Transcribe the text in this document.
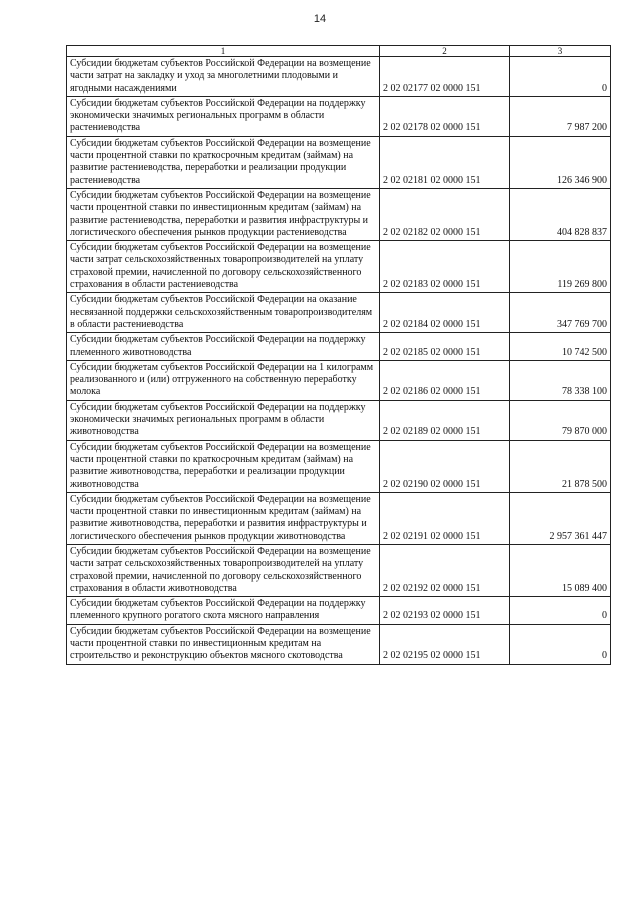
14
1	2	3
Субсидии бюджетам субъектов Российской Федерации на возмещение части затрат на закладку и уход за многолетними плодовыми и ягодными насаждениями	2 02 02177 02 0000 151	0
Субсидии бюджетам субъектов Российской Федерации на поддержку экономически значимых региональных программ в области растениеводства	2 02 02178 02 0000 151	7 987 200
Субсидии бюджетам субъектов Российской Федерации на возмещение части процентной ставки по краткосрочным кредитам (займам) на развитие растениеводства, переработки и реализации продукции растениеводства	2 02 02181 02 0000 151	126 346 900
Субсидии бюджетам субъектов Российской Федерации на возмещение части процентной ставки по инвестиционным кредитам (займам) на развитие растениеводства, переработки и развития инфраструктуры и логистического обеспечения рынков продукции растениеводства	2 02 02182 02 0000 151	404 828 837
Субсидии бюджетам субъектов Российской Федерации на возмещение части затрат сельскохозяйственных товаропроизводителей на уплату страховой премии, начисленной по договору сельскохозяйственного страхования в области растениеводства	2 02 02183 02 0000 151	119 269 800
Субсидии бюджетам субъектов Российской Федерации на оказание несвязанной поддержки сельскохозяйственным товаропроизводителям в области растениеводства	2 02 02184 02 0000 151	347 769 700
Субсидии бюджетам субъектов Российской Федерации на поддержку племенного животноводства	2 02 02185 02 0000 151	10 742 500
Субсидии бюджетам субъектов Российской Федерации на 1 килограмм реализованного и (или) отгруженного на собственную переработку молока	2 02 02186 02 0000 151	78 338 100
Субсидии бюджетам субъектов Российской Федерации на поддержку экономически значимых региональных программ в области животноводства	2 02 02189 02 0000 151	79 870 000
Субсидии бюджетам субъектов Российской Федерации на возмещение части процентной ставки по краткосрочным кредитам (займам) на развитие животноводства, переработки и реализации продукции животноводства	2 02 02190 02 0000 151	21 878 500
Субсидии бюджетам субъектов Российской Федерации на возмещение части процентной ставки по инвестиционным кредитам (займам) на развитие животноводства, переработки и развития инфраструктуры и логистического обеспечения рынков продукции животноводства	2 02 02191 02 0000 151	2 957 361 447
Субсидии бюджетам субъектов Российской Федерации на возмещение части затрат сельскохозяйственных товаропроизводителей на уплату страховой премии, начисленной по договору сельскохозяйственного страхования в области животноводства	2 02 02192 02 0000 151	15 089 400
Субсидии бюджетам субъектов Российской Федерации на поддержку племенного крупного рогатого скота мясного направления	2 02 02193 02 0000 151	0
Субсидии бюджетам субъектов Российской Федерации на возмещение части процентной ставки по инвестиционным кредитам на строительство и реконструкцию объектов мясного скотоводства	2 02 02195 02 0000 151	0
